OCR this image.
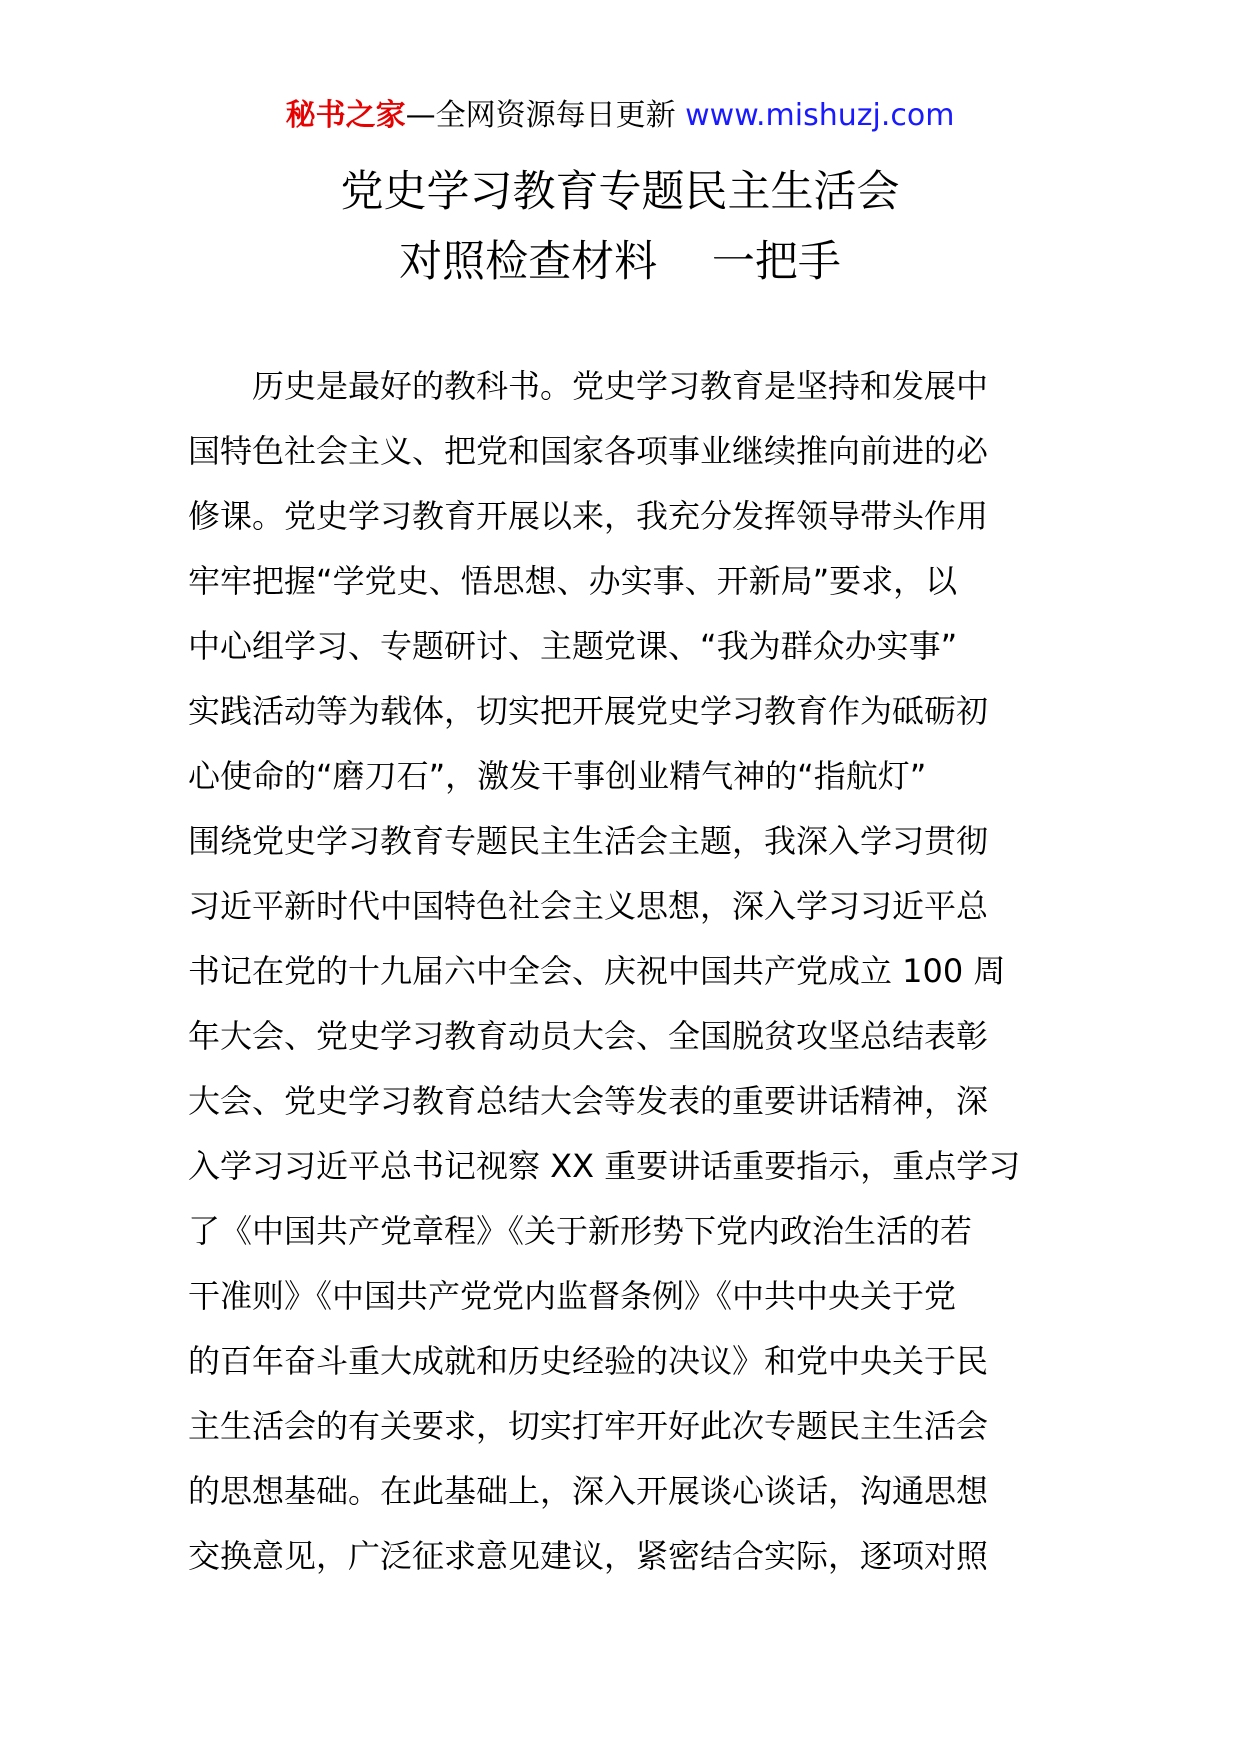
秘书之家—全网资源每日更新 www.mishuzj.com
党史学习教育专题民主生活会
对照检查材料    一把手
历史是最好的教科书。党史学习教育是坚持和发展中
国特色社会主义、把党和国家各项事业继续推向前进的必
修课。党史学习教育开展以来，我充分发挥领导带头作用
牢牢把握“学党史、悟思想、办实事、开新局”要求，以
中心组学习、专题研讨、主题党课、“我为群众办实事”
实践活动等为载体，切实把开展党史学习教育作为砥砺初
心使命的“磨刀石”，激发干事创业精气神的“指航灯”
围绕党史学习教育专题民主生活会主题，我深入学习贯彻
习近平新时代中国特色社会主义思想，深入学习习近平总
书记在党的十九届六中全会、庆祝中国共产党成立 100 周
年大会、党史学习教育动员大会、全国脱贫攻坚总结表彰
大会、党史学习教育总结大会等发表的重要讲话精神，深
入学习习近平总书记视察 XX 重要讲话重要指示，重点学习
了《中国共产党章程》《关于新形势下党内政治生活的若
干准则》《中国共产党党内监督条例》《中共中央关于党
的百年奋斗重大成就和历史经验的决议》和党中央关于民
主生活会的有关要求，切实打牢开好此次专题民主生活会
的思想基础。在此基础上，深入开展谈心谈话，沟通思想
交换意见，广泛征求意见建议，紧密结合实际，逐项对照
